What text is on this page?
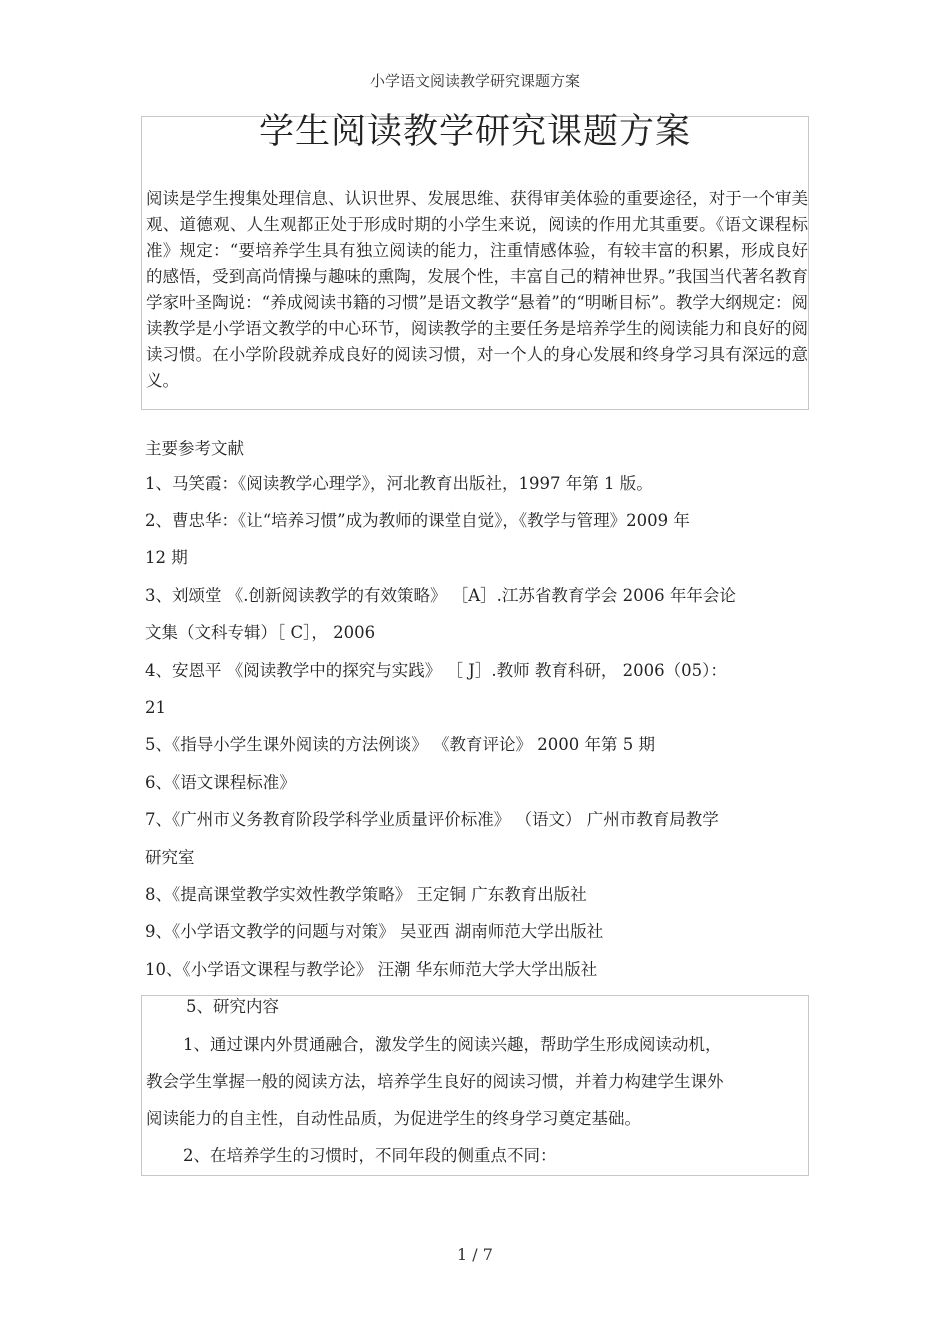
小学语文阅读教学研究课题方案
学生阅读教学研究课题方案

阅读是学生搜集处理信息、认识世界、发展思维、获得审美体验的重要途径，对于一个审美观、道德观、人生观都正处于形成时期的小学生来说，阅读的作用尤其重要。《语文课程标准》规定：“要培养学生具有独立阅读的能力，注重情感体验，有较丰富的积累，形成良好的感悟，受到高尚情操与趣味的熏陶，发展个性，丰富自己的精神世界。”我国当代著名教育学家叶圣陶说：“养成阅读书籍的习惯”是语文教学“悬着”的“明晰目标”。教学大纲规定：阅读教学是小学语文教学的中心环节，阅读教学的主要任务是培养学生的阅读能力和良好的阅读习惯。在小学阶段就养成良好的阅读习惯，对一个人的身心发展和终身学习具有深远的意义。

主要参考文献
1、马笑霞：《阅读教学心理学》，河北教育出版社，1997 年第 1 版。
2、曹忠华：《让“培养习惯”成为教师的课堂自觉》，《教学与管理》2009 年
12 期
3、刘颂堂 《.创新阅读教学的有效策略》 ［A］.江苏省教育学会 2006 年年会论
文集（文科专辑）［ C］， 2006
4、安恩平 《阅读教学中的探究与实践》 ［ J］.教师 教育科研， 2006（05）：
21
5、《指导小学生课外阅读的方法例谈》 《教育评论》 2000 年第 5 期
6、《语文课程标准》
7、《广州市义务教育阶段学科学业质量评价标准》 （语文） 广州市教育局教学
研究室
8、《提高课堂教学实效性教学策略》 王定铜 广东教育出版社
9、《小学语文教学的问题与对策》 吴亚西 湖南师范大学出版社
10、《小学语文课程与教学论》 汪潮 华东师范大学大学出版社
5、研究内容
1、通过课内外贯通融合，激发学生的阅读兴趣，帮助学生形成阅读动机，
教会学生掌握一般的阅读方法，培养学生良好的阅读习惯，并着力构建学生课外
阅读能力的自主性，自动性品质，为促进学生的终身学习奠定基础。
2、在培养学生的习惯时，不同年段的侧重点不同：
1 / 7
